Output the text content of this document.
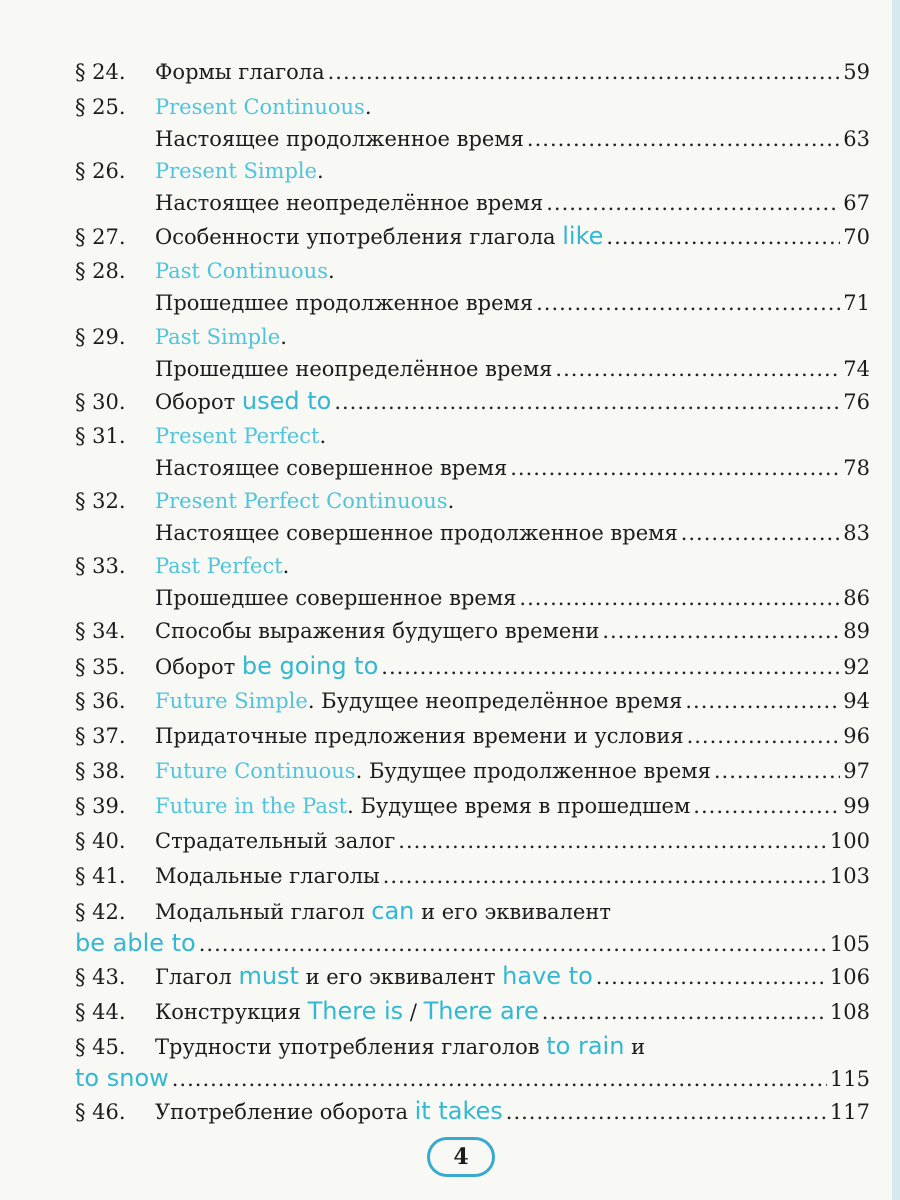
§ 24.	Формы глагола .....	59
§ 25.	Present Continuous.
Настоящее продолженное время .....	63
§ 26.	Present Simple.
Настоящее неопределённое время .....	67
§ 27.	Особенности употребления глагола like .....	70
§ 28.	Past Continuous.
Прошедшее продолженное время .....	71
§ 29.	Past Simple.
Прошедшее неопределённое время .....	74
§ 30.	Оборот used to .....	76
§ 31.	Present Perfect.
Настоящее совершенное время .....	78
§ 32.	Present Perfect Continuous.
Настоящее совершенное продолженное время .....	83
§ 33.	Past Perfect.
Прошедшее совершенное время .....	86
§ 34.	Способы выражения будущего времени .....	89
§ 35.	Оборот be going to .....	92
§ 36.	Future Simple. Будущее неопределённое время .....	94
§ 37.	Придаточные предложения времени и условия .....	96
§ 38.	Future Continuous. Будущее продолженное время .....	97
§ 39.	Future in the Past. Будущее время в прошедшем .....	99
§ 40.	Страдательный залог .....	100
§ 41.	Модальные глаголы .....	103
§ 42.	Модальный глагол can и его эквивалент
be able to .....	105
§ 43.	Глагол must и его эквивалент have to .....	106
§ 44.	Конструкция There is / There are .....	108
§ 45.	Трудности употребления глаголов to rain и
to snow .....	115
§ 46.	Употребление оборота it takes .....	117
4
